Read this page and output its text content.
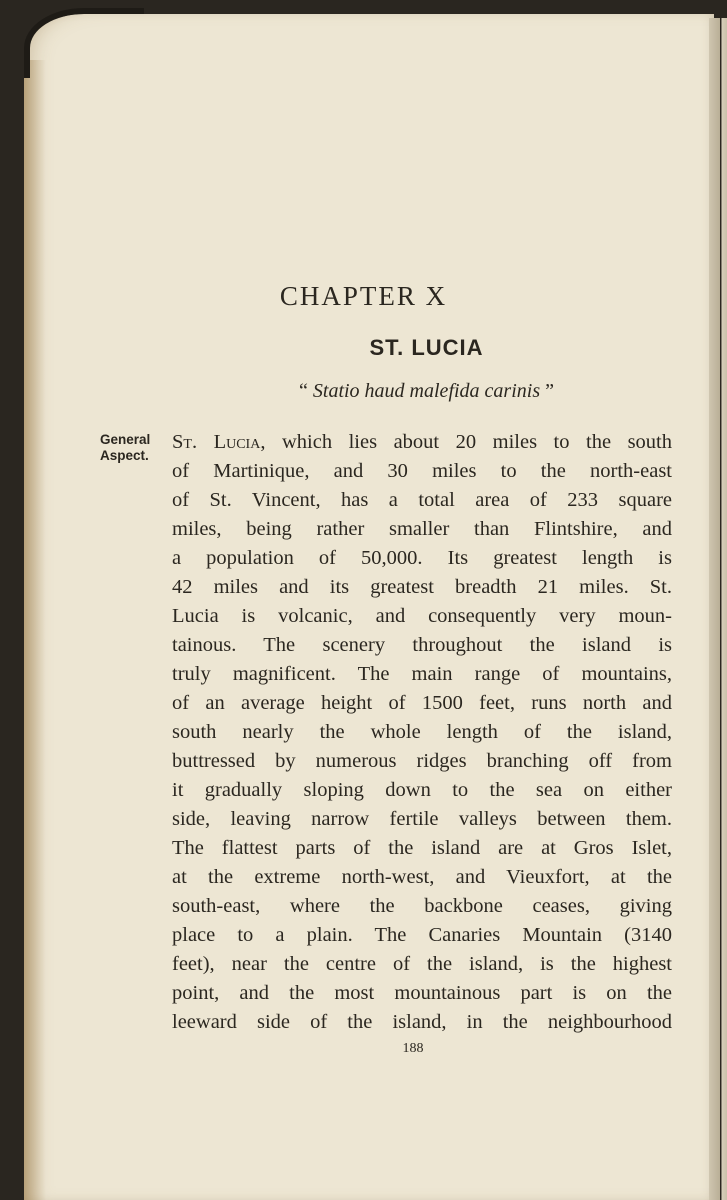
CHAPTER X
ST. LUCIA
“ Statio haud malefida carinis ”
General
Aspect.
St. Lucia, which lies about 20 miles to the south
of Martinique, and 30 miles to the north-east
of St. Vincent, has a total area of 233 square
miles, being rather smaller than Flintshire, and
a population of 50,000. Its greatest length is
42 miles and its greatest breadth 21 miles. St.
Lucia is volcanic, and consequently very moun-
tainous. The scenery throughout the island is
truly magnificent. The main range of mountains,
of an average height of 1500 feet, runs north and
south nearly the whole length of the island,
buttressed by numerous ridges branching off from
it gradually sloping down to the sea on either
side, leaving narrow fertile valleys between them.
The flattest parts of the island are at Gros Islet,
at the extreme north-west, and Vieuxfort, at the
south-east, where the backbone ceases, giving
place to a plain. The Canaries Mountain (3140
feet), near the centre of the island, is the highest
point, and the most mountainous part is on the
leeward side of the island, in the neighbourhood
188
